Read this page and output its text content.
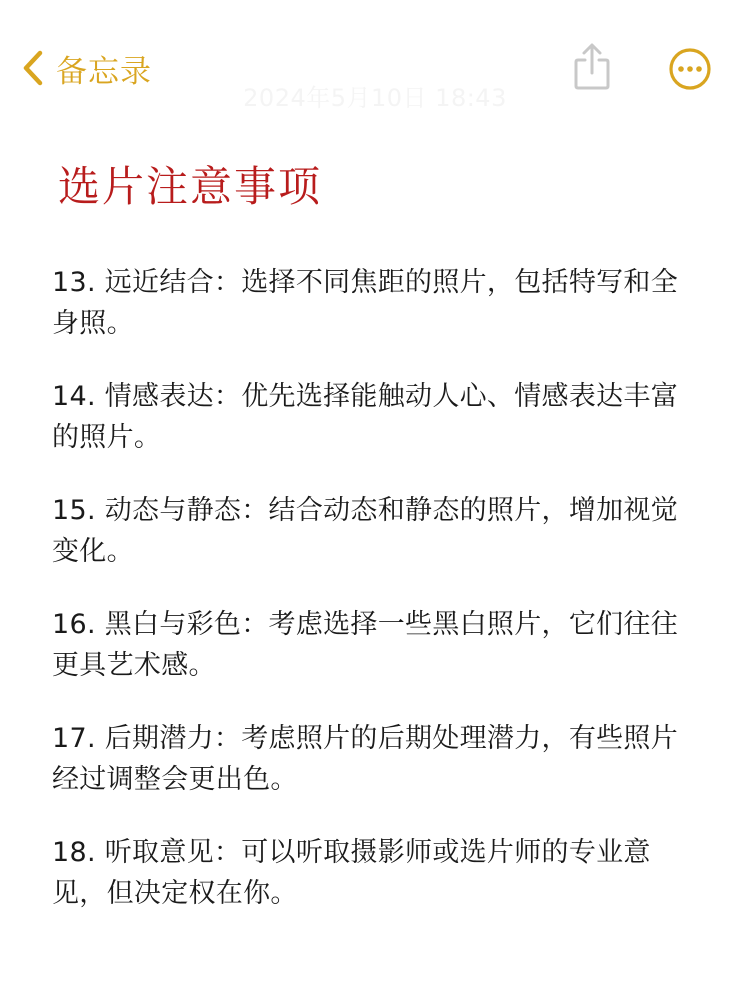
备忘录
2024年5月10日 18:43
选片注意事项

13. 远近结合：选择不同焦距的照片，包括特写和全身照。

14. 情感表达：优先选择能触动人心、情感表达丰富的照片。

15. 动态与静态：结合动态和静态的照片，增加视觉变化。

16. 黑白与彩色：考虑选择一些黑白照片，它们往往更具艺术感。

17. 后期潜力：考虑照片的后期处理潜力，有些照片经过调整会更出色。

18. 听取意见：可以听取摄影师或选片师的专业意见，但决定权在你。
